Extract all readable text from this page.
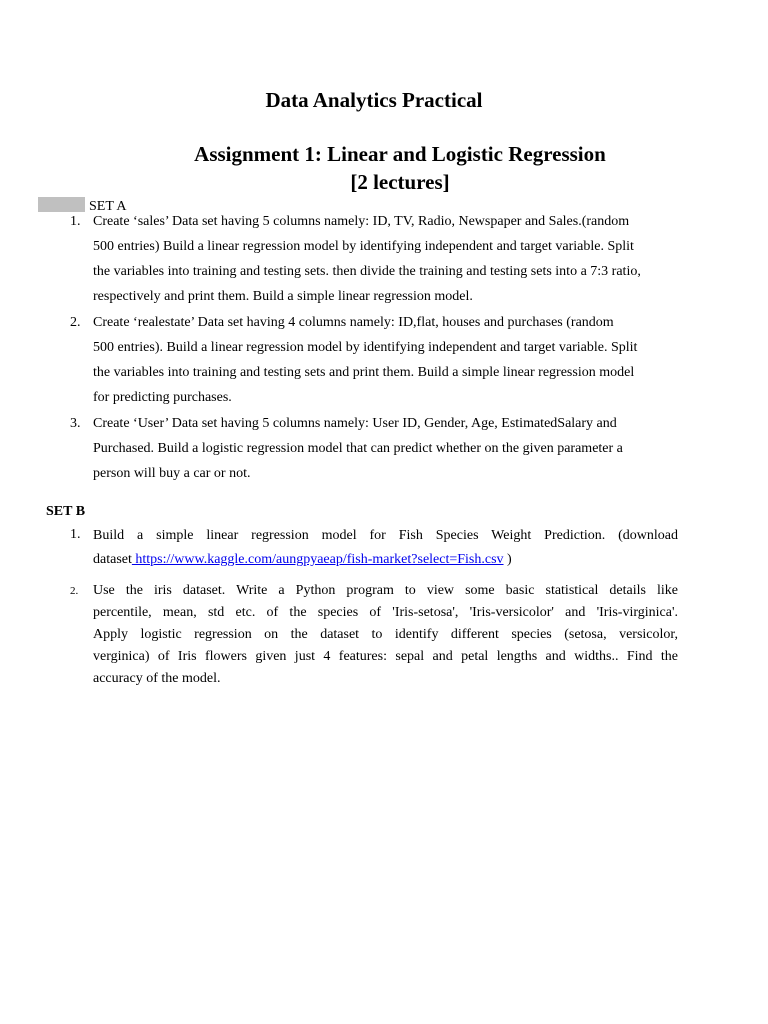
Data Analytics Practical
Assignment 1: Linear and Logistic Regression
[2 lectures]
SET A
1. Create ‘sales’ Data set having 5 columns namely: ID, TV, Radio, Newspaper and Sales.(random
500 entries) Build a linear regression model by identifying independent and target variable. Split
the variables into training and testing sets. then divide the training and testing sets into a 7:3 ratio,
respectively and print them. Build a simple linear regression model.
2. Create ‘realestate’ Data set having 4 columns namely: ID,flat, houses and purchases (random
500 entries). Build a linear regression model by identifying independent and target variable. Split
the variables into training and testing sets and print them. Build a simple linear regression model
for predicting purchases.
3. Create ‘User’ Data set having 5 columns namely: User ID, Gender, Age, EstimatedSalary and
Purchased. Build a logistic regression model that can predict whether on the given parameter a
person will buy a car or not.
SET B
1. Build a simple linear regression model for Fish Species Weight Prediction. (download
dataset https://www.kaggle.com/aungpyaeap/fish-market?select=Fish.csv )
2. Use the iris dataset. Write a Python program to view some basic statistical details like
percentile, mean, std etc. of the species of 'Iris-setosa', 'Iris-versicolor' and 'Iris-virginica'.
Apply logistic regression on the dataset to identify different species (setosa, versicolor,
verginica) of Iris flowers given just 4 features: sepal and petal lengths and widths.. Find the
accuracy of the model.
